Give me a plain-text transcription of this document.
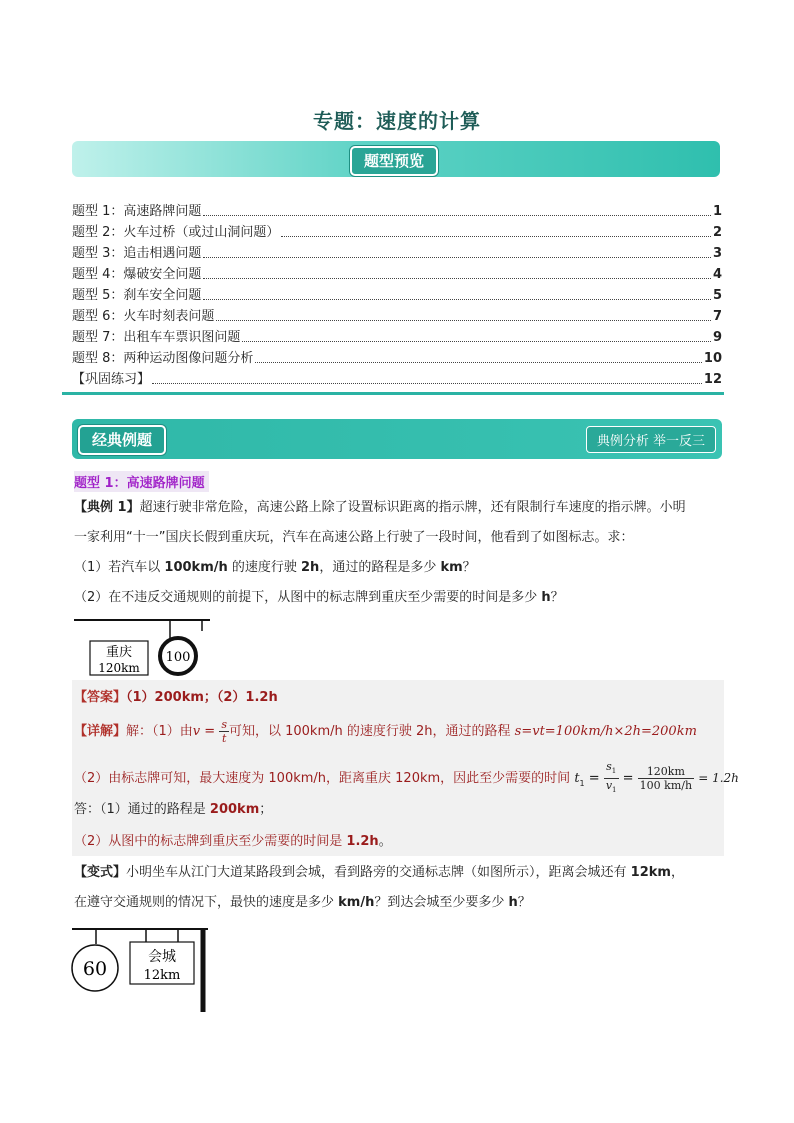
专题：速度的计算
题型预览
题型 1：高速路牌问题	1
题型 2：火车过桥（或过山洞问题）	2
题型 3：追击相遇问题	3
题型 4：爆破安全问题	4
题型 5：刹车安全问题	5
题型 6：火车时刻表问题	7
题型 7：出租车车票识图问题	9
题型 8：两种运动图像问题分析	10
【巩固练习】	12
经典例题	典例分析 举一反三
题型 1：高速路牌问题
【典例 1】超速行驶非常危险，高速公路上除了设置标识距离的指示牌，还有限制行车速度的指示牌。小明
一家利用“十一”国庆长假到重庆玩，汽车在高速公路上行驶了一段时间，他看到了如图标志。求：
（1）若汽车以 100km/h 的速度行驶 2h，通过的路程是多少 km？
（2）在不违反交通规则的前提下，从图中的标志牌到重庆至少需要的时间是多少 h？
重庆
120km
100
【答案】（1）200km；（2）1.2h
【详解】解：（1）由$v = \frac{s}{t}$ 可知，以 100km/h 的速度行驶 2h，通过的路程 s=vt=100km/h×2h=200km
（2）由标志牌可知，最大速度为 100km/h，距离重庆 120km，因此至少需要的时间 $t_1 = \frac{s_1}{v_1} = \frac{120km}{100 km/h} = 1.2h$
答：（1）通过的路程是 200km；
（2）从图中的标志牌到重庆至少需要的时间是 1.2h。
【变式】小明坐车从江门大道某路段到会城，看到路旁的交通标志牌（如图所示），距离会城还有 12km，
在遵守交通规则的情况下，最快的速度是多少 km/h？到达会城至少要多少 h？
60
会城
12km
